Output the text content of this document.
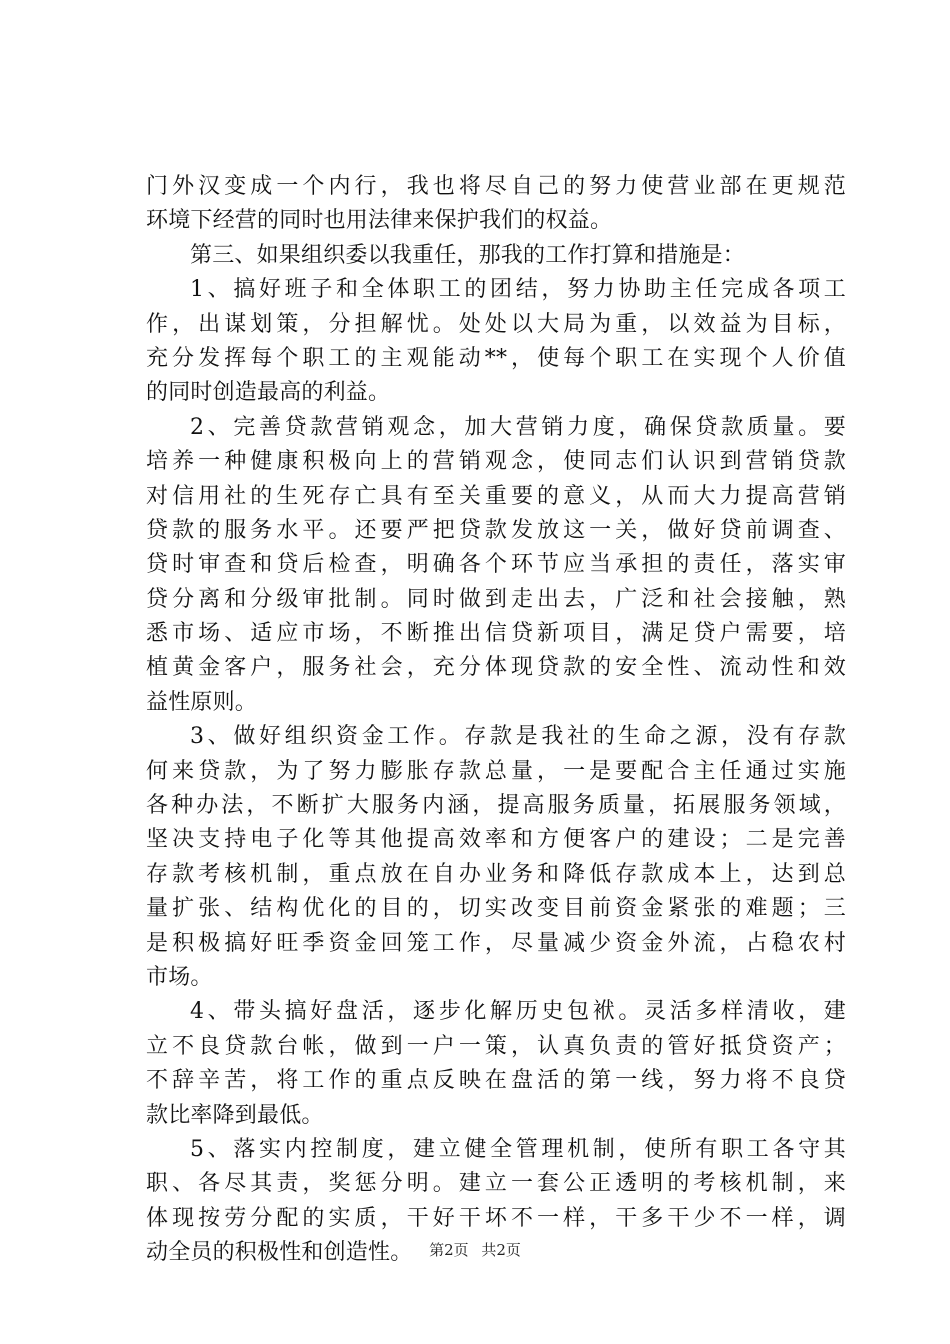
门外汉变成一个内行，我也将尽自己的努力使营业部在更规范
环境下经营的同时也用法律来保护我们的权益。
第三、如果组织委以我重任，那我的工作打算和措施是：
1、搞好班子和全体职工的团结，努力协助主任完成各项工
作，出谋划策，分担解忧。处处以大局为重，以效益为目标，
充分发挥每个职工的主观能动**，使每个职工在实现个人价值
的同时创造最高的利益。
2、完善贷款营销观念，加大营销力度，确保贷款质量。要
培养一种健康积极向上的营销观念，使同志们认识到营销贷款
对信用社的生死存亡具有至关重要的意义，从而大力提高营销
贷款的服务水平。还要严把贷款发放这一关，做好贷前调查、
贷时审查和贷后检查，明确各个环节应当承担的责任，落实审
贷分离和分级审批制。同时做到走出去，广泛和社会接触，熟
悉市场、适应市场，不断推出信贷新项目，满足贷户需要，培
植黄金客户，服务社会，充分体现贷款的安全性、流动性和效
益性原则。
3、做好组织资金工作。存款是我社的生命之源，没有存款
何来贷款，为了努力膨胀存款总量，一是要配合主任通过实施
各种办法，不断扩大服务内涵，提高服务质量，拓展服务领域，
坚决支持电子化等其他提高效率和方便客户的建设；二是完善
存款考核机制，重点放在自办业务和降低存款成本上，达到总
量扩张、结构优化的目的，切实改变目前资金紧张的难题；三
是积极搞好旺季资金回笼工作，尽量减少资金外流，占稳农村
市场。
4、带头搞好盘活，逐步化解历史包袱。灵活多样清收，建
立不良贷款台帐，做到一户一策，认真负责的管好抵贷资产；
不辞辛苦，将工作的重点反映在盘活的第一线，努力将不良贷
款比率降到最低。
5、落实内控制度，建立健全管理机制，使所有职工各守其
职、各尽其责，奖惩分明。建立一套公正透明的考核机制，来
体现按劳分配的实质，干好干坏不一样，干多干少不一样，调
动全员的积极性和创造性。	第2页 共2页
